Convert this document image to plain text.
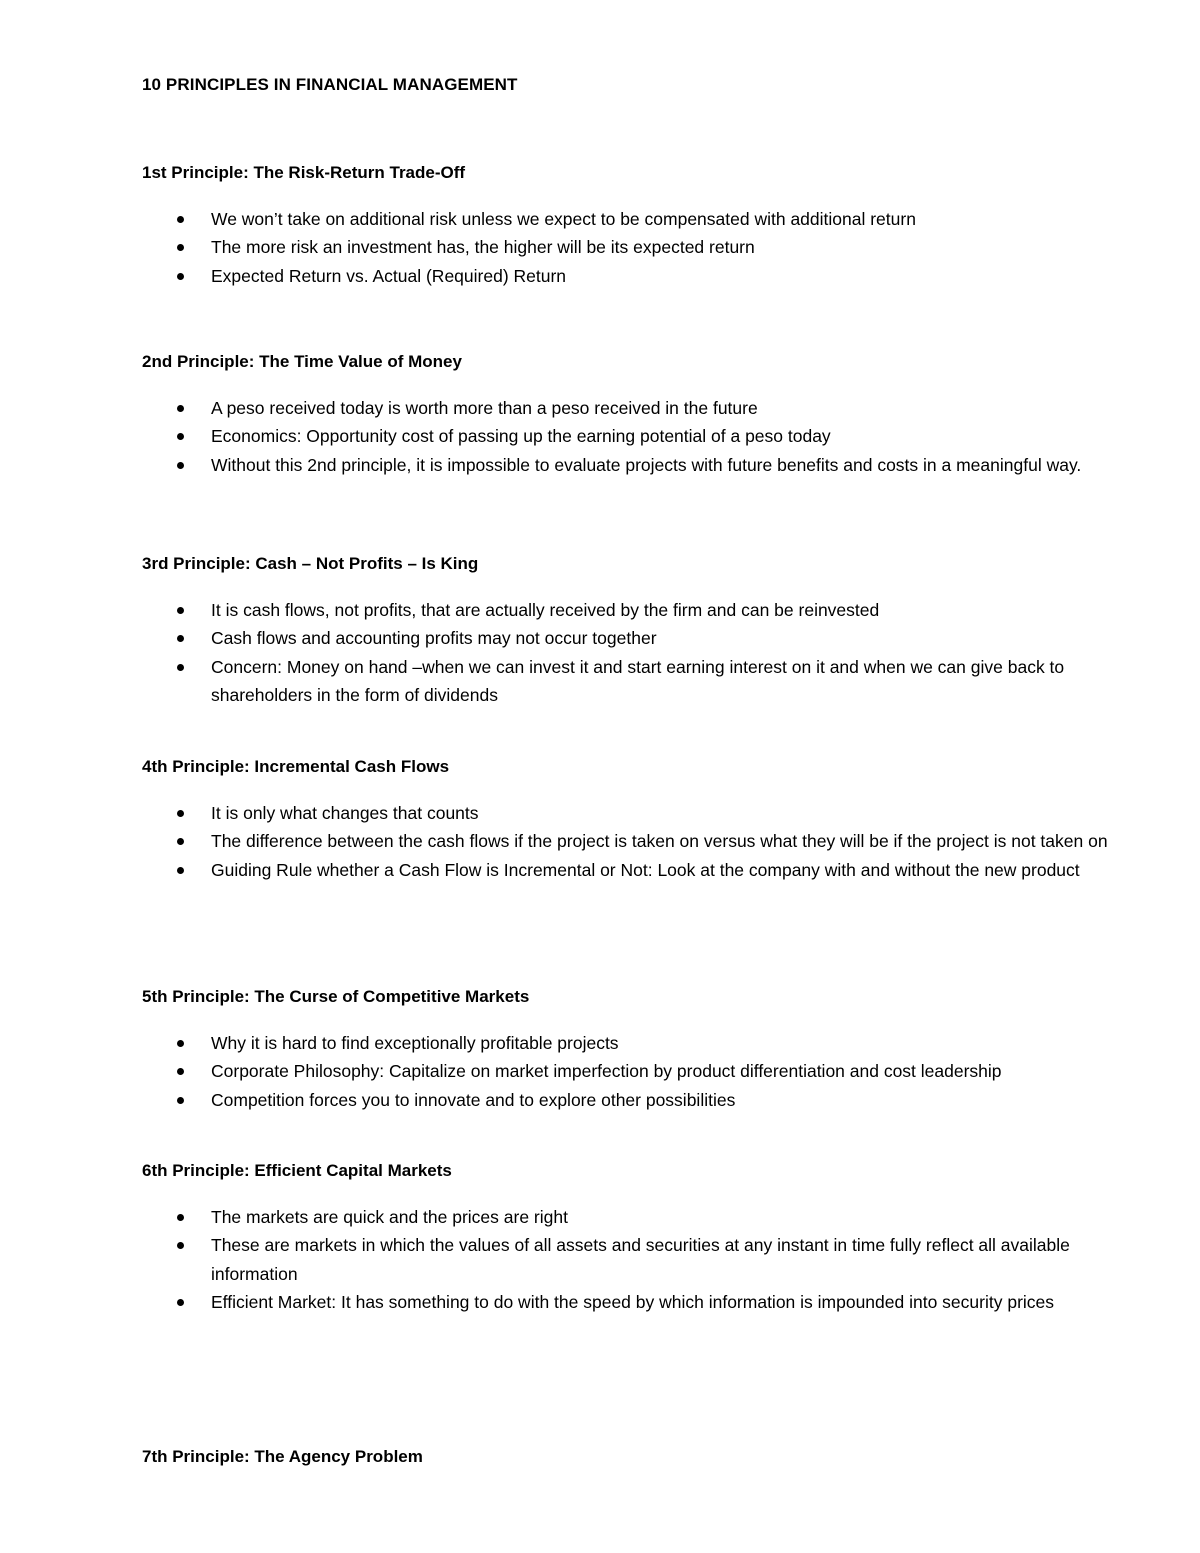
10 PRINCIPLES IN FINANCIAL MANAGEMENT
1st Principle: The Risk-Return Trade-Off
We won’t take on additional risk unless we expect to be compensated with additional return
The more risk an investment has, the higher will be its expected return
Expected Return vs. Actual (Required) Return
2nd Principle: The Time Value of Money
A peso received today is worth more than a peso received in the future
Economics: Opportunity cost of passing up the earning potential of a peso today
Without this 2nd principle, it is impossible to evaluate projects with future benefits and costs in a meaningful way.
3rd Principle: Cash – Not Profits – Is King
It is cash flows, not profits, that are actually received by the firm and can be reinvested
Cash flows and accounting profits may not occur together
Concern: Money on hand –when we can invest it and start earning interest on it and when we can give back to shareholders in the form of dividends
4th Principle: Incremental Cash Flows
It is only what changes that counts
The difference between the cash flows if the project is taken on versus what they will be if the project is not taken on
Guiding Rule whether a Cash Flow is Incremental or Not: Look at the company with and without the new product
5th Principle: The Curse of Competitive Markets
Why it is hard to find exceptionally profitable projects
Corporate Philosophy: Capitalize on market imperfection by product differentiation and cost leadership
Competition forces you to innovate and to explore other possibilities
6th Principle: Efficient Capital Markets
The markets are quick and the prices are right
These are markets in which the values of all assets and securities at any instant in time fully reflect all available information
Efficient Market: It has something to do with the speed by which information is impounded into security prices
7th Principle: The Agency Problem
